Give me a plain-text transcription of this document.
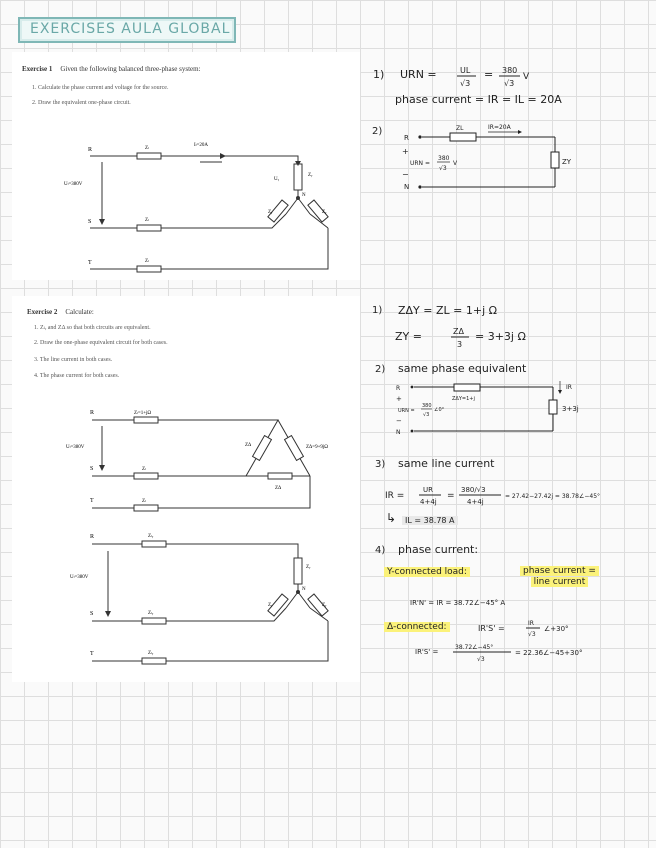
EXERCISES AULA GLOBAL
Exercise 1 Given the following balanced three-phase system:
1. Calculate the phase current and voltage for the source.
2. Draw the equivalent one-phase circuit.
R
S
T
Zₗ
Zₗ
Zₗ
Iₗ=20A
Uₗ=380V
Uᵧ
Zᵧ
Zᵧ	Zᵧ
N
Exercise 2 Calculate:
1. Zₗᵧ and ZΔ so that both circuits are equivalent.
2. Draw the one-phase equivalent circuit for both cases.
3. The line current in both cases.
4. The phase current for both cases.
R
S
T
Zₗ=1+jΩ
Zₗ
Zₗ
Uₗ=380V	ZΔ	ZΔ=9+9jΩ
ZΔ
R
S
T
Zₗᵧ
Zₗᵧ
Zₗᵧ
Uₗ=380V
Zᵧ
Zᵧ	Zᵧ
N
1) URN =	UL
√3
= 380
√3
V
phase current = IR = IL = 20A
2)
R
ZL	IR=20A
ZY
+
−
N
URN =
380
√3
V
1) ZΔY = ZL = 1+j Ω
ZY =	ZΔ
3
= 3+3j Ω
2) same phase equivalent
R
ZΔY=1+j
IR
3+3j
+
−
N
URN =
380
√3
∠0°
3) same line current
IR =
UR
4+4j
=
380/√3
4+4j
= 27.42−27.42j = 38.78∠−45°
↳	IL = 38.78 A
4) phase current:
Y-connected load:	phase current =
line current
IR'N' = IR = 38.72∠−45° A
Δ-connected:	IR'S' =
IR
√3
∠+30°
IR'S' =
38.72∠−45°
√3
= 22.36∠−45+30°
